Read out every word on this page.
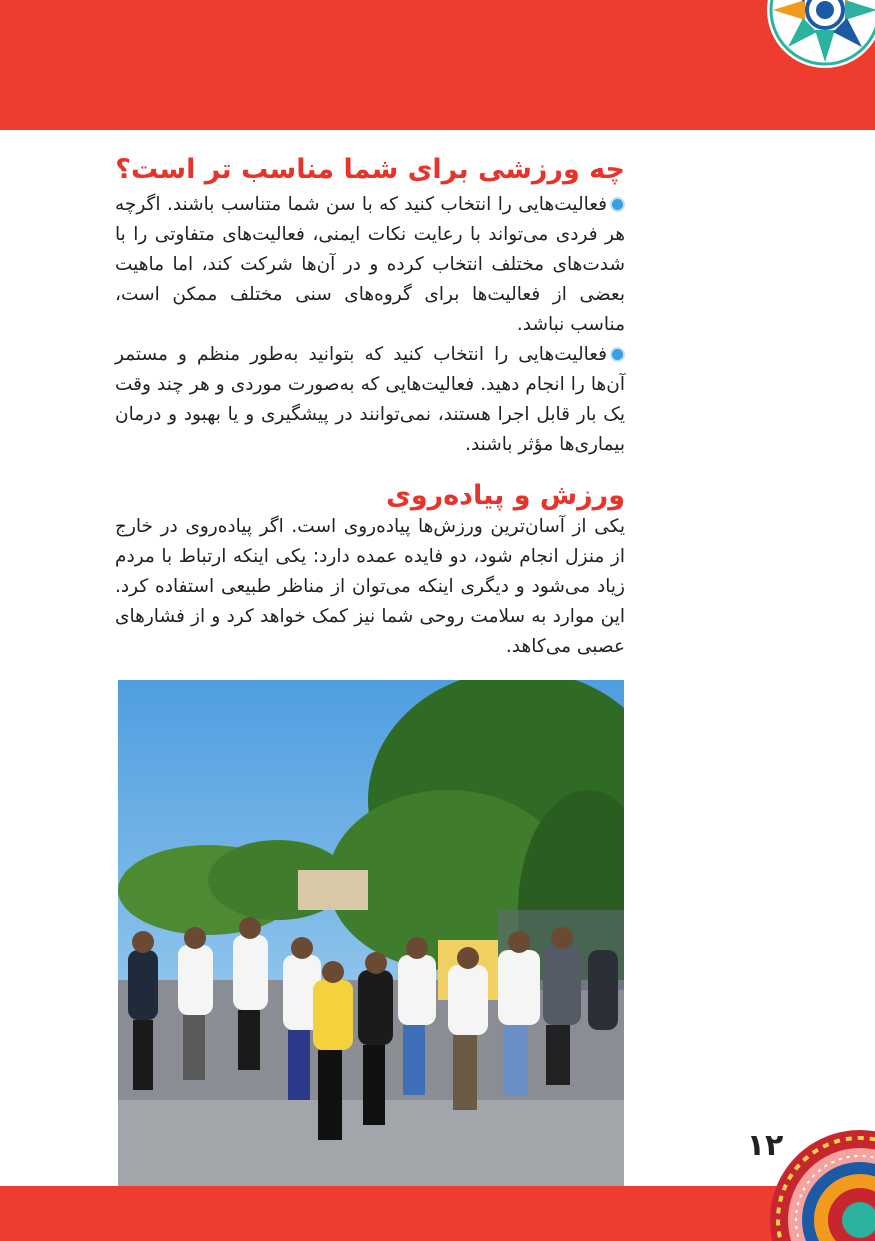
چه ورزشی برای شما مناسب تر است؟

فعالیت‌هایی را انتخاب کنید که با سن شما متناسب باشند. اگرچه هر فردی می‌تواند با رعایت نکات ایمنی، فعالیت‌های متفاوتی را با شدت‌های مختلف انتخاب کرده و در آن‌ها شرکت کند، اما ماهیت بعضی از فعالیت‌ها برای گروه‌های سنی مختلف ممکن است، مناسب نباشد.

فعالیت‌هایی را انتخاب کنید که بتوانید به‌طور منظم و مستمر آن‌ها را انجام دهید. فعالیت‌هایی که به‌صورت موردی و هر چند وقت یک بار قابل اجرا هستند، نمی‌توانند در پیشگیری و یا بهبود و درمان بیماری‌ها مؤثر باشند.

ورزش و پیاده‌روی

یکی از آسان‌ترین ورزش‌ها پیاده‌روی است. اگر پیاده‌روی در خارج از منزل انجام شود، دو فایده عمده دارد: یکی اینکه ارتباط با مردم زیاد می‌شود و دیگری اینکه می‌توان از مناظر طبیعی استفاده کرد. این موارد به سلامت روحی شما نیز کمک خواهد کرد و از فشارهای عصبی می‌کاهد.

۱۲
